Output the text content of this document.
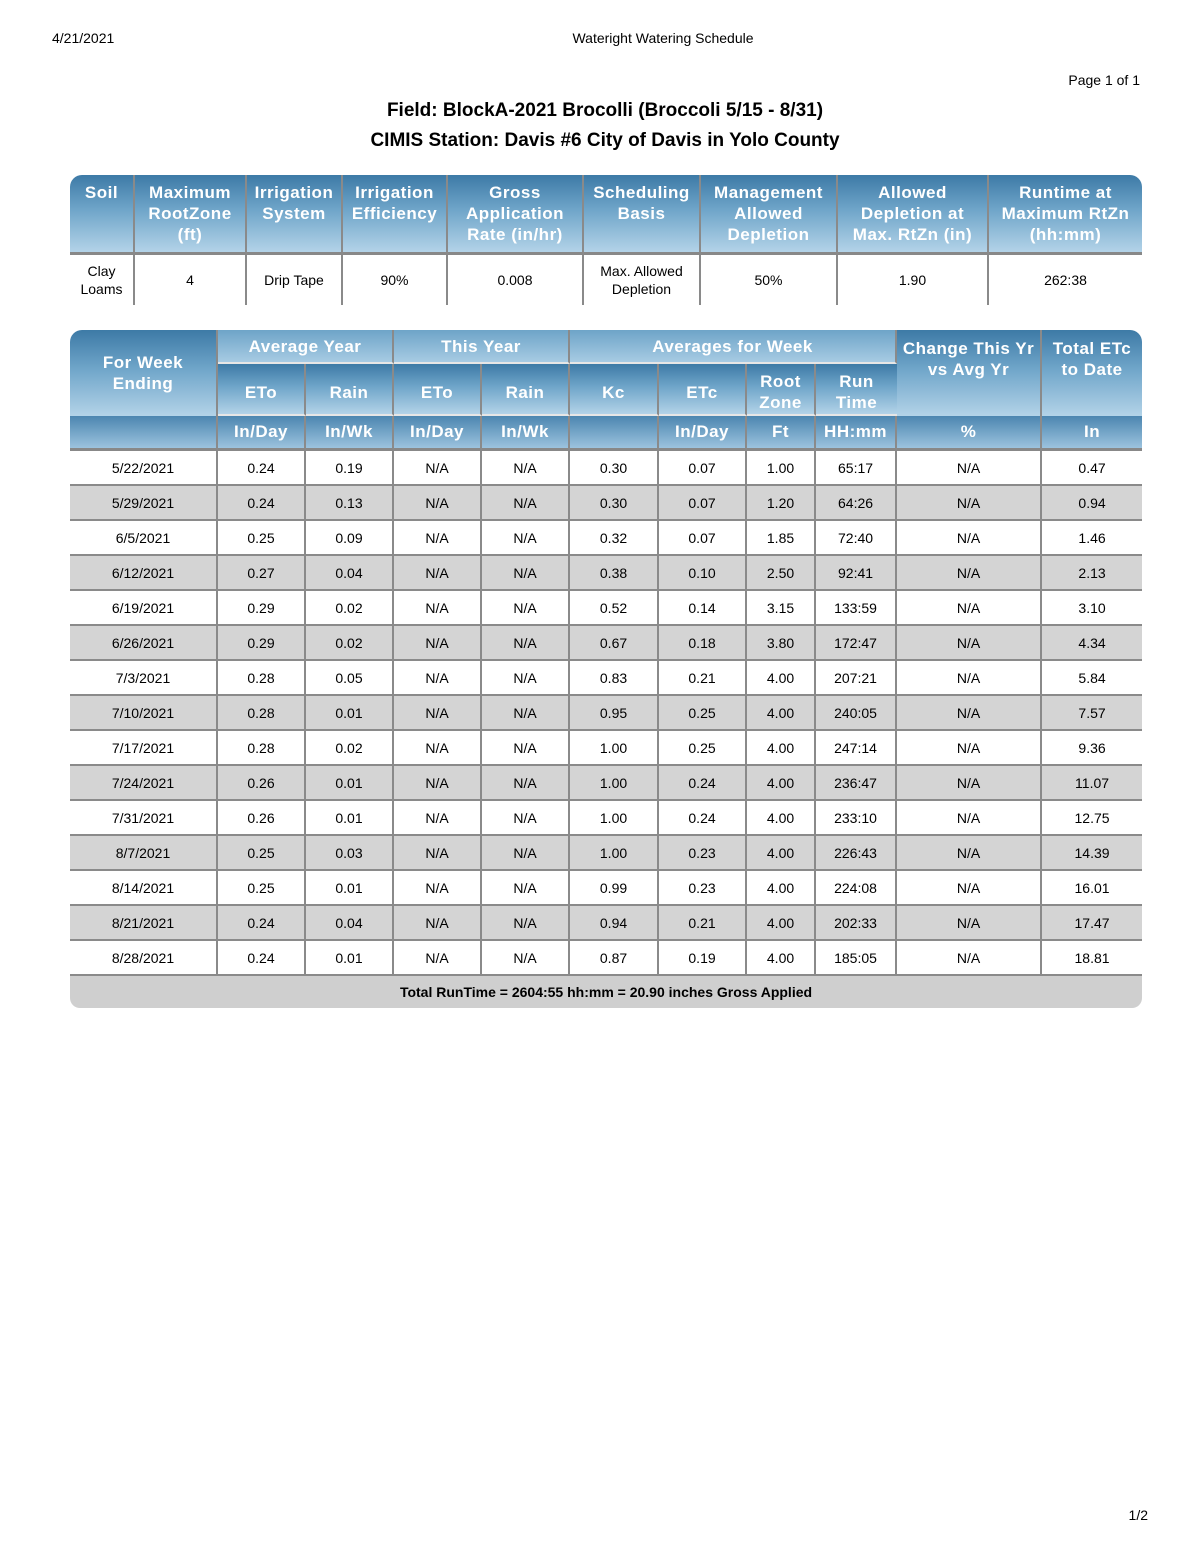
4/21/2021	Wateright Watering Schedule
Page 1 of 1
Field: BlockA-2021 Brocolli (Broccoli 5/15 - 8/31)
CIMIS Station: Davis #6 City of Davis in Yolo County
Soil	Maximum RootZone (ft)	Irrigation System	Irrigation Efficiency	Gross Application Rate (in/hr)	Scheduling Basis	Management Allowed Depletion	Allowed Depletion at Max. RtZn (in)	Runtime at Maximum RtZn (hh:mm)
Clay Loams	4	Drip Tape	90%	0.008	Max. Allowed Depletion	50%	1.90	262:38
For Week Ending	Average Year		This Year		Averages for Week				Change This Yr vs Avg Yr	Total ETc to Date
	ETo	Rain	ETo	Rain	Kc	ETc	Root Zone	Run Time		
	In/Day	In/Wk	In/Day	In/Wk		In/Day	Ft	HH:mm	%	In
5/22/2021	0.24	0.19	N/A	N/A	0.30	0.07	1.00	65:17	N/A	0.47
5/29/2021	0.24	0.13	N/A	N/A	0.30	0.07	1.20	64:26	N/A	0.94
6/5/2021	0.25	0.09	N/A	N/A	0.32	0.07	1.85	72:40	N/A	1.46
6/12/2021	0.27	0.04	N/A	N/A	0.38	0.10	2.50	92:41	N/A	2.13
6/19/2021	0.29	0.02	N/A	N/A	0.52	0.14	3.15	133:59	N/A	3.10
6/26/2021	0.29	0.02	N/A	N/A	0.67	0.18	3.80	172:47	N/A	4.34
7/3/2021	0.28	0.05	N/A	N/A	0.83	0.21	4.00	207:21	N/A	5.84
7/10/2021	0.28	0.01	N/A	N/A	0.95	0.25	4.00	240:05	N/A	7.57
7/17/2021	0.28	0.02	N/A	N/A	1.00	0.25	4.00	247:14	N/A	9.36
7/24/2021	0.26	0.01	N/A	N/A	1.00	0.24	4.00	236:47	N/A	11.07
7/31/2021	0.26	0.01	N/A	N/A	1.00	0.24	4.00	233:10	N/A	12.75
8/7/2021	0.25	0.03	N/A	N/A	1.00	0.23	4.00	226:43	N/A	14.39
8/14/2021	0.25	0.01	N/A	N/A	0.99	0.23	4.00	224:08	N/A	16.01
8/21/2021	0.24	0.04	N/A	N/A	0.94	0.21	4.00	202:33	N/A	17.47
8/28/2021	0.24	0.01	N/A	N/A	0.87	0.19	4.00	185:05	N/A	18.81
Total RunTime = 2604:55 hh:mm = 20.90 inches Gross Applied										
1/2
